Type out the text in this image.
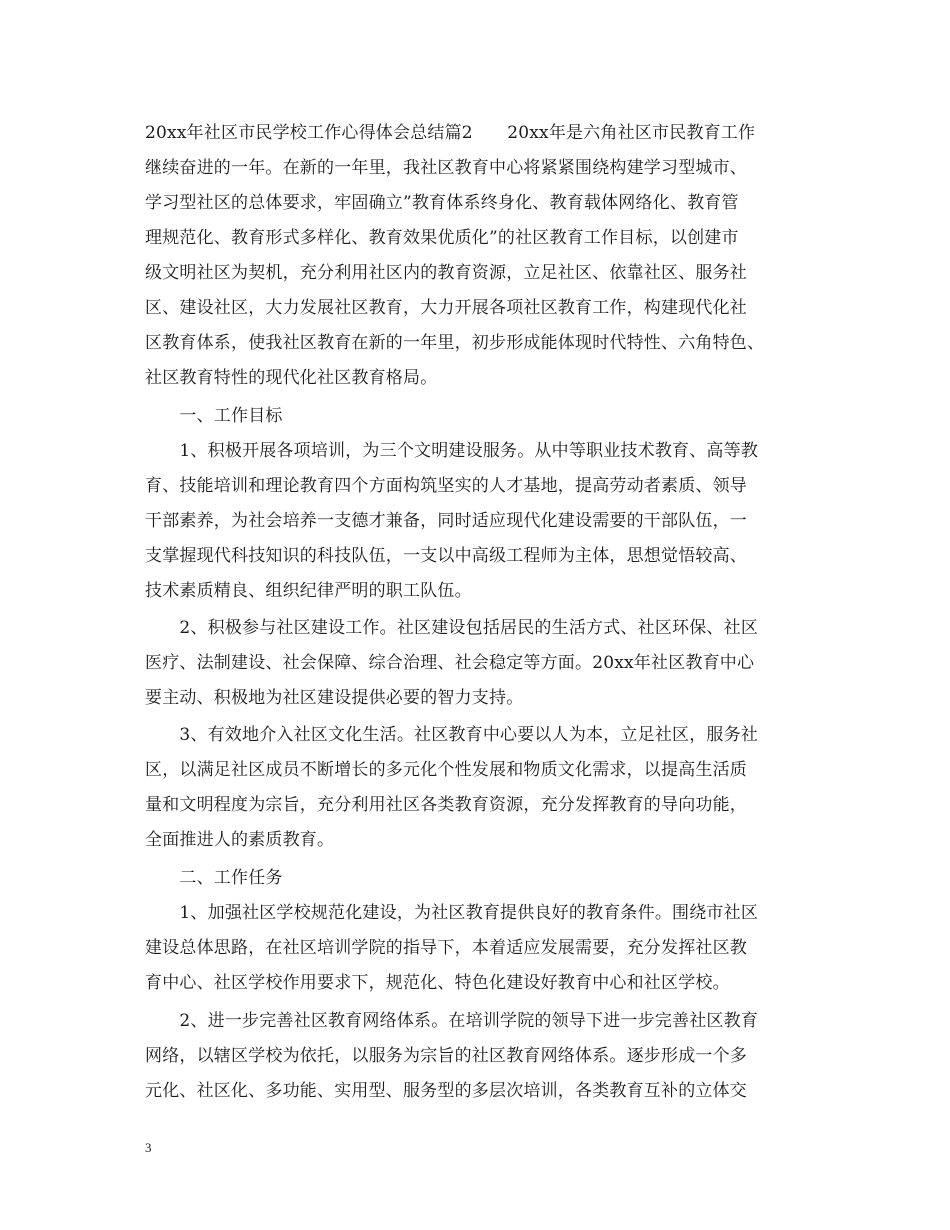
20xx年社区市民学校工作心得体会总结篇2　　20xx年是六角社区市民教育工作
继续奋进的一年。在新的一年里，我社区教育中心将紧紧围绕构建学习型城市、
学习型社区的总体要求，牢固确立”教育体系终身化、教育载体网络化、教育管
理规范化、教育形式多样化、教育效果优质化”的社区教育工作目标，以创建市
级文明社区为契机，充分利用社区内的教育资源，立足社区、依靠社区、服务社
区、建设社区，大力发展社区教育，大力开展各项社区教育工作，构建现代化社
区教育体系，使我社区教育在新的一年里，初步形成能体现时代特性、六角特色、
社区教育特性的现代化社区教育格局。
　　一、工作目标
　　1、积极开展各项培训，为三个文明建设服务。从中等职业技术教育、高等教
育、技能培训和理论教育四个方面构筑坚实的人才基地，提高劳动者素质、领导
干部素养，为社会培养一支德才兼备，同时适应现代化建设需要的干部队伍，一
支掌握现代科技知识的科技队伍，一支以中高级工程师为主体，思想觉悟较高、
技术素质精良、组织纪律严明的职工队伍。
　　2、积极参与社区建设工作。社区建设包括居民的生活方式、社区环保、社区
医疗、法制建设、社会保障、综合治理、社会稳定等方面。20xx年社区教育中心
要主动、积极地为社区建设提供必要的智力支持。
　　3、有效地介入社区文化生活。社区教育中心要以人为本，立足社区，服务社
区，以满足社区成员不断增长的多元化个性发展和物质文化需求，以提高生活质
量和文明程度为宗旨，充分利用社区各类教育资源，充分发挥教育的导向功能，
全面推进人的素质教育。
　　二、工作任务
　　1、加强社区学校规范化建设，为社区教育提供良好的教育条件。围绕市社区
建设总体思路，在社区培训学院的指导下，本着适应发展需要，充分发挥社区教
育中心、社区学校作用要求下，规范化、特色化建设好教育中心和社区学校。
　　2、进一步完善社区教育网络体系。在培训学院的领导下进一步完善社区教育
网络，以辖区学校为依托，以服务为宗旨的社区教育网络体系。逐步形成一个多
元化、社区化、多功能、实用型、服务型的多层次培训，各类教育互补的立体交
3
